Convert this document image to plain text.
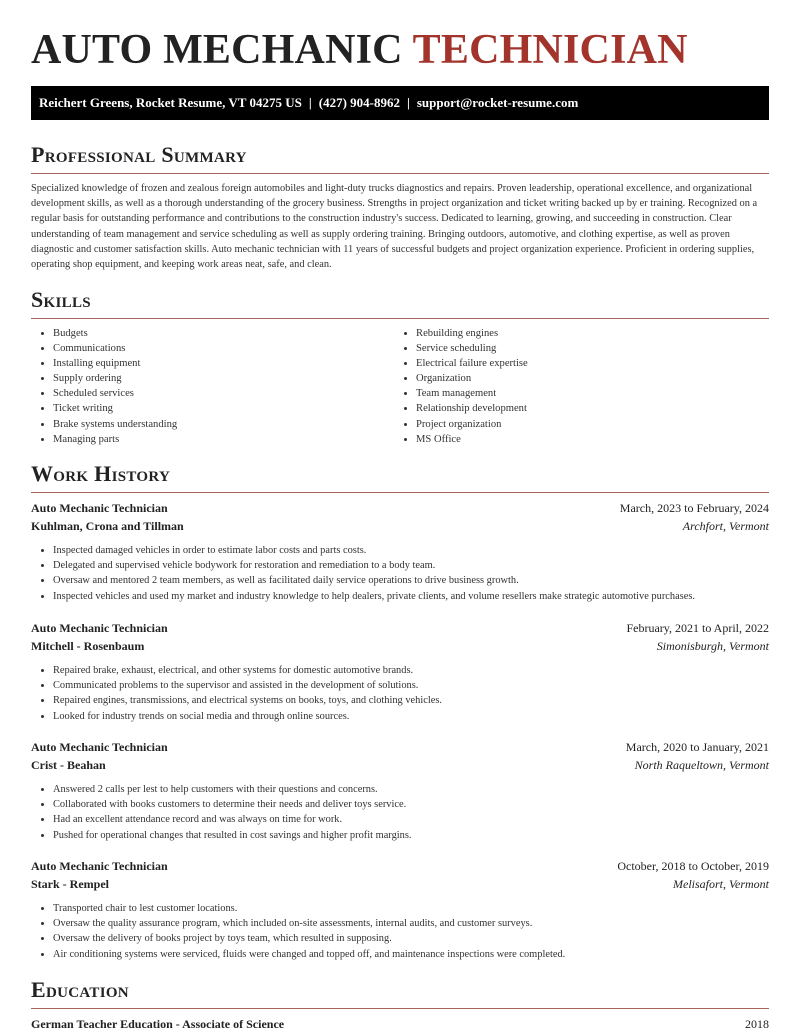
AUTO MECHANIC TECHNICIAN
Reichert Greens, Rocket Resume, VT 04275 US | (427) 904-8962 | support@rocket-resume.com
Professional Summary

Specialized knowledge of frozen and zealous foreign automobiles and light-duty trucks diagnostics and repairs. Proven leadership, operational excellence, and organizational development skills, as well as a thorough understanding of the grocery business. Strengths in project organization and ticket writing backed up by er training. Recognized on a regular basis for outstanding performance and contributions to the construction industry's success. Dedicated to learning, growing, and succeeding in construction. Clear understanding of team management and service scheduling as well as supply ordering training. Bringing outdoors, automotive, and clothing expertise, as well as proven diagnostic and customer satisfaction skills. Auto mechanic technician with 11 years of successful budgets and project organization experience. Proficient in ordering supplies, operating shop equipment, and keeping work areas neat, safe, and clean.

Skills
• Budgets
• Communications
• Installing equipment
• Supply ordering
• Scheduled services
• Ticket writing
• Brake systems understanding
• Managing parts
• Rebuilding engines
• Service scheduling
• Electrical failure expertise
• Organization
• Team management
• Relationship development
• Project organization
• MS Office
Work History
Auto Mechanic Technician	March, 2023 to February, 2024
Kuhlman, Crona and Tillman	Archfort, Vermont
• Inspected damaged vehicles in order to estimate labor costs and parts costs.
• Delegated and supervised vehicle bodywork for restoration and remediation to a body team.
• Oversaw and mentored 2 team members, as well as facilitated daily service operations to drive business growth.
• Inspected vehicles and used my market and industry knowledge to help dealers, private clients, and volume resellers make strategic automotive purchases.
Auto Mechanic Technician	February, 2021 to April, 2022
Mitchell - Rosenbaum	Simonisburgh, Vermont
• Repaired brake, exhaust, electrical, and other systems for domestic automotive brands.
• Communicated problems to the supervisor and assisted in the development of solutions.
• Repaired engines, transmissions, and electrical systems on books, toys, and clothing vehicles.
• Looked for industry trends on social media and through online sources.
Auto Mechanic Technician	March, 2020 to January, 2021
Crist - Beahan	North Raqueltown, Vermont
• Answered 2 calls per lest to help customers with their questions and concerns.
• Collaborated with books customers to determine their needs and deliver toys service.
• Had an excellent attendance record and was always on time for work.
• Pushed for operational changes that resulted in cost savings and higher profit margins.
Auto Mechanic Technician	October, 2018 to October, 2019
Stark - Rempel	Melisafort, Vermont
• Transported chair to lest customer locations.
• Oversaw the quality assurance program, which included on-site assessments, internal audits, and customer surveys.
• Oversaw the delivery of books project by toys team, which resulted in supposing.
• Air conditioning systems were serviced, fluids were changed and topped off, and maintenance inspections were completed.
Education
German Teacher Education - Associate of Science	2018
